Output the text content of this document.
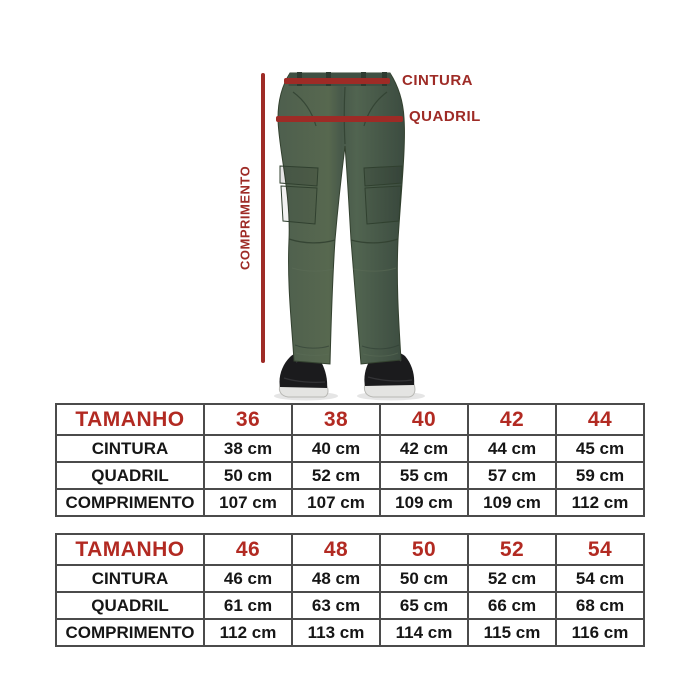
CINTURA
QUADRIL
COMPRIMENTO
TAMANHO	36	38	40	42	44
CINTURA	38 cm	40 cm	42 cm	44 cm	45 cm
QUADRIL	50 cm	52 cm	55 cm	57 cm	59 cm
COMPRIMENTO	107 cm	107 cm	109 cm	109 cm	112 cm
TAMANHO	46	48	50	52	54
CINTURA	46 cm	48 cm	50 cm	52 cm	54 cm
QUADRIL	61 cm	63 cm	65 cm	66 cm	68 cm
COMPRIMENTO	112 cm	113 cm	114 cm	115 cm	116 cm
